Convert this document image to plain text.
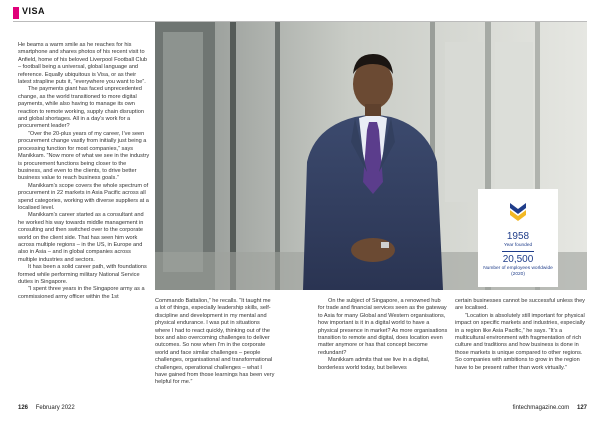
VISA

He beams a warm smile as he reaches for his smartphone and shares photos of his recent visit to Anfield, home of his beloved Liverpool Football Club – football being a universal, global language and reference. Equally ubiquitous is Visa, or as their latest strapline puts it, “everywhere you want to be”.

The payments giant has faced unprecedented change, as the world transitioned to more digital payments, while also having to manage its own reaction to remote working, supply chain disruption and global shortages. All in a day’s work for a procurement leader?

“Over the 20-plus years of my career, I’ve seen procurement change vastly from initially just being a processing function for most companies,” says Manikkam. “Now more of what we see in the industry is procurement functions being closer to the business, and even to the clients, to drive better business value to reach business goals.”

Manikkam’s scope covers the whole spectrum of procurement in 22 markets in Asia Pacific across all spend categories, working with diverse suppliers at a localised level.

Manikkam’s career started as a consultant and he worked his way towards middle management in consulting and then switched over to the corporate world on the client side. That has seen him work across multiple regions – in the US, in Europe and also in Asia – and in global companies across multiple industries and sectors.

It has been a solid career path, with foundations formed while performing military National Service duties in Singapore.

“I spent three years in the Singapore army as a commissioned army officer within the 1st

1958
Year founded
20,500
Number of employees worldwide (2020)

Commando Battalion,” he recalls. “It taught me a lot of things, especially leadership skills, self-discipline and development in my mental and physical endurance. I was put in situations where I had to react quickly, thinking out of the box and also overcoming challenges to deliver outcomes. So now when I’m in the corporate world and face similar challenges – people challenges, organisational and transformational challenges, operational challenges – what I have gained from those learnings has been very helpful for me.”

On the subject of Singapore, a renowned hub for trade and financial services seen as the gateway to Asia for many Global and Western organisations, how important is it in a digital world to have a physical presence in market? As more organisations transition to remote and digital, does location even matter anymore or has that concept become redundant?

Manikkam admits that we live in a digital, borderless world today, but believes

certain businesses cannot be successful unless they are localised.

“Location is absolutely still important for physical impact on specific markets and industries, especially in a region like Asia Pacific,” he says. “It’s a multicultural environment with fragmentation of rich culture and traditions and how business is done in those markets is unique compared to other regions. So companies with ambitions to grow in the region have to be present rather than work virtually.”

126 February 2022	fintechmagazine.com 127
